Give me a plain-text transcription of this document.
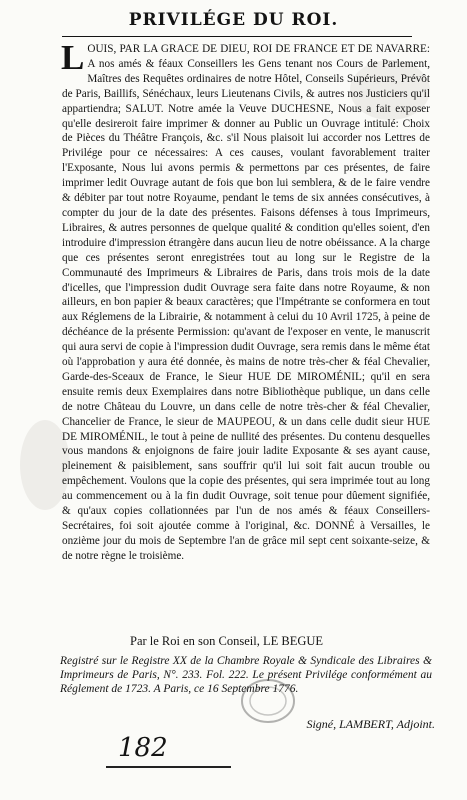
PRIVILÉGE DU ROI.

LOUIS, PAR LA GRACE DE DIEU, ROI DE FRANCE ET DE NAVARRE: A nos amés & féaux Conseillers les Gens tenant nos Cours de Parlement, Maîtres des Requêtes ordinaires de notre Hôtel, Conseils Supérieurs, Prévôt de Paris, Baillifs, Sénéchaux, leurs Lieutenans Civils, & autres nos Justiciers qu'il appartiendra; SALUT. Notre amée la Veuve DUCHESNE, Nous a fait exposer qu'elle desireroit faire imprimer & donner au Public un Ouvrage intitulé: Choix de Pièces du Théâtre François, &c. s'il Nous plaisoit lui accorder nos Lettres de Privilége pour ce nécessaires: A ces causes, voulant favorablement traiter l'Exposante, Nous lui avons permis & permettons par ces présentes, de faire imprimer ledit Ouvrage autant de fois que bon lui semblera, & de le faire vendre & débiter par tout notre Royaume, pendant le tems de six années consécutives, à compter du jour de la date des présentes. Faisons défenses à tous Imprimeurs, Libraires, & autres personnes de quelque qualité & condition qu'elles soient, d'en introduire d'impression étrangère dans aucun lieu de notre obéissance. A la charge que ces présentes seront enregistrées tout au long sur le Registre de la Communauté des Imprimeurs & Libraires de Paris, dans trois mois de la date d'icelles, que l'impression dudit Ouvrage sera faite dans notre Royaume, & non ailleurs, en bon papier & beaux caractères; que l'Impétrante se conformera en tout aux Réglemens de la Librairie, & notamment à celui du 10 Avril 1725, à peine de déchéance de la présente Permission: qu'avant de l'exposer en vente, le manuscrit qui aura servi de copie à l'impression dudit Ouvrage, sera remis dans le même état où l'approbation y aura été donnée, ès mains de notre très-cher & féal Chevalier, Garde-des-Sceaux de France, le Sieur HUE DE MIROMÉNIL; qu'il en sera ensuite remis deux Exemplaires dans notre Bibliothèque publique, un dans celle de notre Château du Louvre, un dans celle de notre très-cher & féal Chevalier, Chancelier de France, le sieur de MAUPEOU, & un dans celle dudit sieur HUE DE MIROMÉNIL, le tout à peine de nullité des présentes. Du contenu desquelles vous mandons & enjoignons de faire jouir ladite Exposante & ses ayant cause, pleinement & paisiblement, sans souffrir qu'il lui soit fait aucun trouble ou empêchement. Voulons que la copie des présentes, qui sera imprimée tout au long au commencement ou à la fin dudit Ouvrage, soit tenue pour dûement signifiée, & qu'aux copies collationnées par l'un de nos amés & féaux Conseillers-Secrétaires, foi soit ajoutée comme à l'original, &c. DONNÉ à Versailles, le onzième jour du mois de Septembre l'an de grâce mil sept cent soixante-seize, & de notre règne le troisième.

Par le Roi en son Conseil, LE BEGUE
Registré sur le Registre XX de la Chambre Royale & Syndicale des Libraires & Imprimeurs de Paris, N°. 233. Fol. 222. Le présent Privilége conformément au Réglement de 1723. A Paris, ce 16 Septembre 1776.
Signé, LAMBERT, Adjoint.
182
